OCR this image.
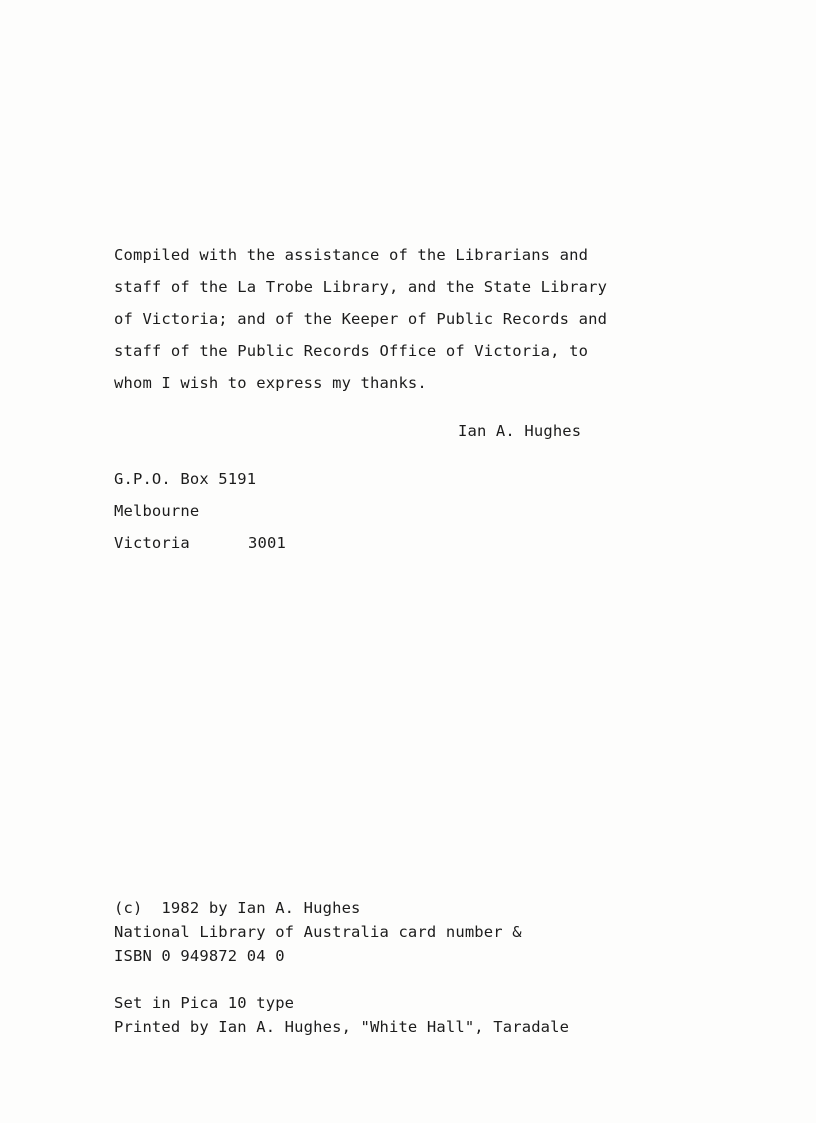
Compiled with the assistance of the Librarians and
staff of the La Trobe Library, and the State Library
of Victoria; and of the Keeper of Public Records and
staff of the Public Records Office of Victoria, to
whom I wish to express my thanks.
Ian A. Hughes
G.P.O. Box 5191
Melbourne
Victoria	3001
(c)  1982 by Ian A. Hughes
National Library of Australia card number &
ISBN 0 949872 04 0
Set in Pica 10 type
Printed by Ian A. Hughes, "White Hall", Taradale
